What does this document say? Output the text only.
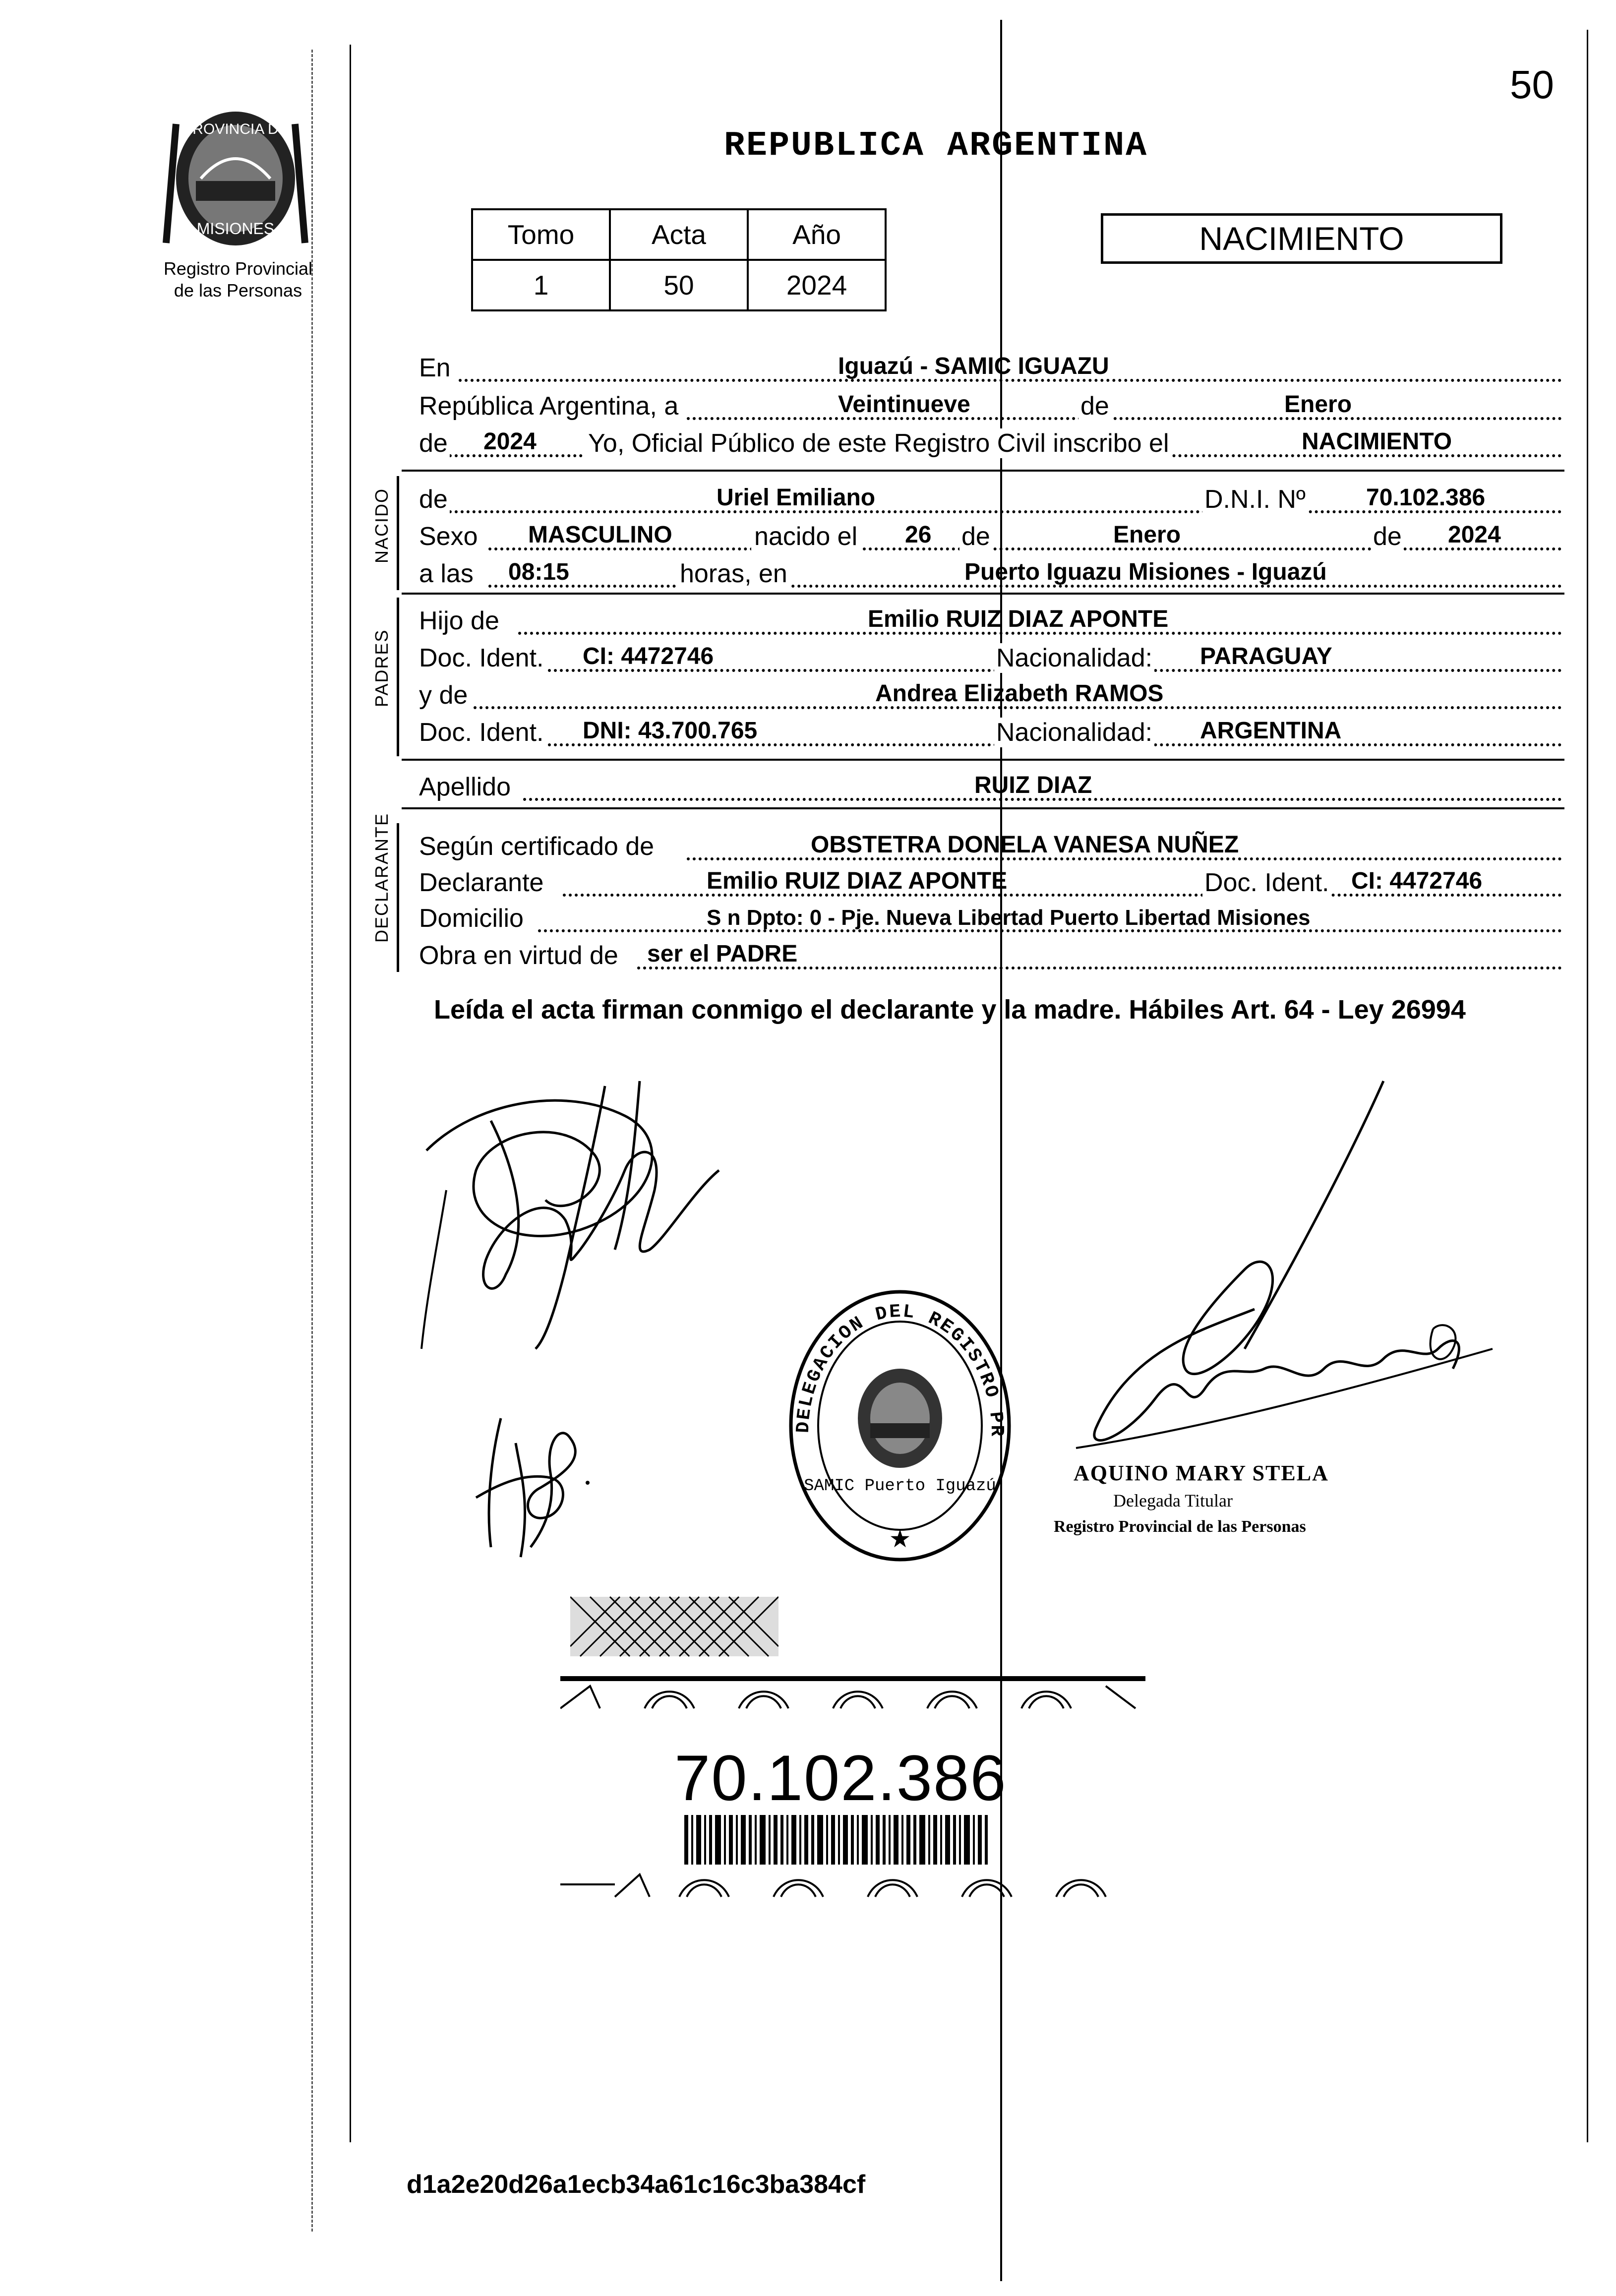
PROVINCIA DE
MISIONES
Registro Provincial
de las Personas
50
REPUBLICA ARGENTINA
Tomo	Acta	Año
1	50	2024
NACIMIENTO
En	Iguazú - SAMIC IGUAZU
República Argentina, a	Veintinueve	de	Enero
de 2024 Yo, Oficial Público de este Registro Civil inscribo el	NACIMIENTO
NACIDO de	Uriel Emiliano	D.N.I. Nº	70.102.386
Sexo MASCULINO	nacido el 26 de	Enero	de 2024
a las 08:15	horas, en	Puerto Iguazu Misiones - Iguazú
PADRES
Hijo de	Emilio RUIZ DIAZ APONTE
Doc. Ident. CI: 4472746	Nacionalidad: PARAGUAY
y de	Andrea Elizabeth RAMOS
Doc. Ident. DNI: 43.700.765	Nacionalidad: ARGENTINA
Apellido	RUIZ DIAZ
DECLARANTE Según certificado de	OBSTETRA DONELA VANESA NUÑEZ
Declarante	Emilio RUIZ DIAZ APONTE	Doc. Ident. CI: 4472746
Domicilio	S n Dpto: 0 - Pje. Nueva Libertad Puerto Libertad Misiones
Obra en virtud de ser el PADRE
Leída el acta firman conmigo el declarante y la madre. Hábiles Art. 64 - Ley 26994
DELEGACION DEL REGISTRO PR
SAMIC Puerto Iguazú
★
AQUINO MARY STELA
Delegada Titular
Registro Provincial de las Personas
70.102.386
d1a2e20d26a1ecb34a61c16c3ba384cf
